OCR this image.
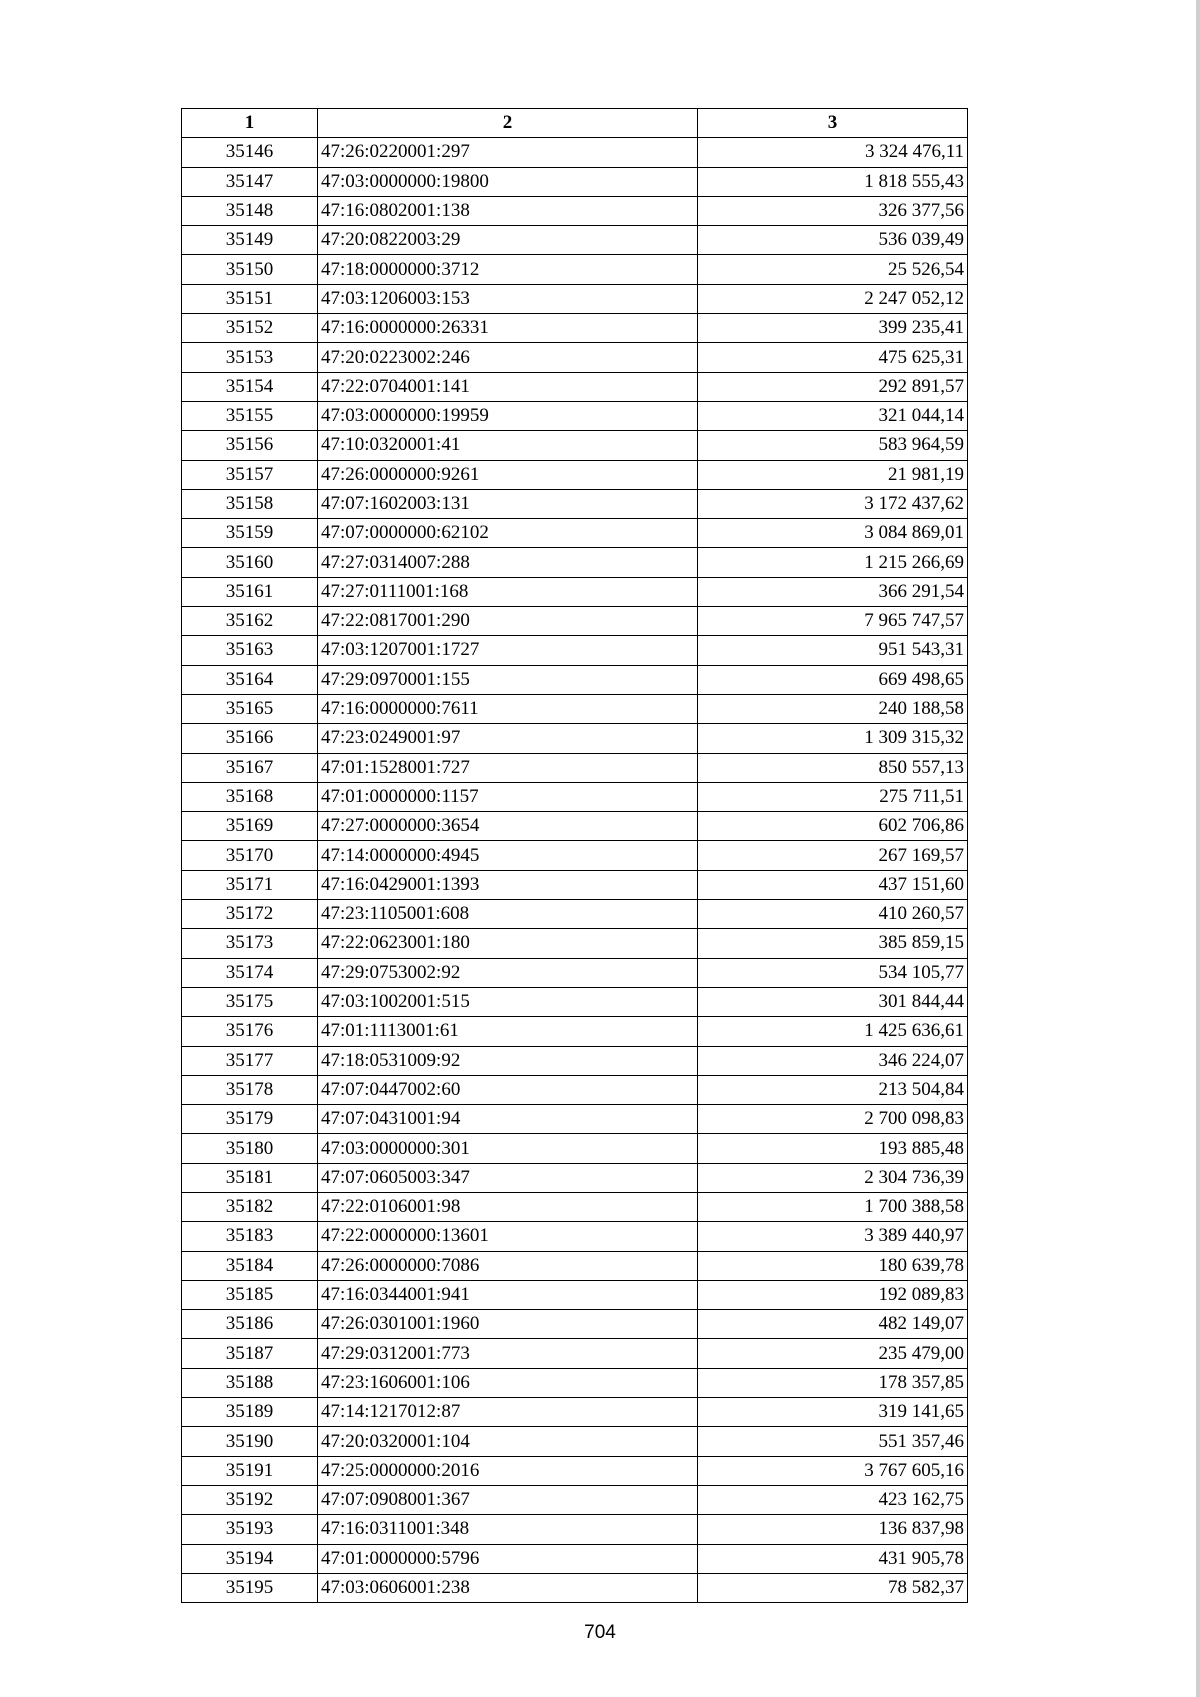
1	2	3
35146	47:26:0220001:297	3 324 476,11
35147	47:03:0000000:19800	1 818 555,43
35148	47:16:0802001:138	326 377,56
35149	47:20:0822003:29	536 039,49
35150	47:18:0000000:3712	25 526,54
35151	47:03:1206003:153	2 247 052,12
35152	47:16:0000000:26331	399 235,41
35153	47:20:0223002:246	475 625,31
35154	47:22:0704001:141	292 891,57
35155	47:03:0000000:19959	321 044,14
35156	47:10:0320001:41	583 964,59
35157	47:26:0000000:9261	21 981,19
35158	47:07:1602003:131	3 172 437,62
35159	47:07:0000000:62102	3 084 869,01
35160	47:27:0314007:288	1 215 266,69
35161	47:27:0111001:168	366 291,54
35162	47:22:0817001:290	7 965 747,57
35163	47:03:1207001:1727	951 543,31
35164	47:29:0970001:155	669 498,65
35165	47:16:0000000:7611	240 188,58
35166	47:23:0249001:97	1 309 315,32
35167	47:01:1528001:727	850 557,13
35168	47:01:0000000:1157	275 711,51
35169	47:27:0000000:3654	602 706,86
35170	47:14:0000000:4945	267 169,57
35171	47:16:0429001:1393	437 151,60
35172	47:23:1105001:608	410 260,57
35173	47:22:0623001:180	385 859,15
35174	47:29:0753002:92	534 105,77
35175	47:03:1002001:515	301 844,44
35176	47:01:1113001:61	1 425 636,61
35177	47:18:0531009:92	346 224,07
35178	47:07:0447002:60	213 504,84
35179	47:07:0431001:94	2 700 098,83
35180	47:03:0000000:301	193 885,48
35181	47:07:0605003:347	2 304 736,39
35182	47:22:0106001:98	1 700 388,58
35183	47:22:0000000:13601	3 389 440,97
35184	47:26:0000000:7086	180 639,78
35185	47:16:0344001:941	192 089,83
35186	47:26:0301001:1960	482 149,07
35187	47:29:0312001:773	235 479,00
35188	47:23:1606001:106	178 357,85
35189	47:14:1217012:87	319 141,65
35190	47:20:0320001:104	551 357,46
35191	47:25:0000000:2016	3 767 605,16
35192	47:07:0908001:367	423 162,75
35193	47:16:0311001:348	136 837,98
35194	47:01:0000000:5796	431 905,78
35195	47:03:0606001:238	78 582,37
704
